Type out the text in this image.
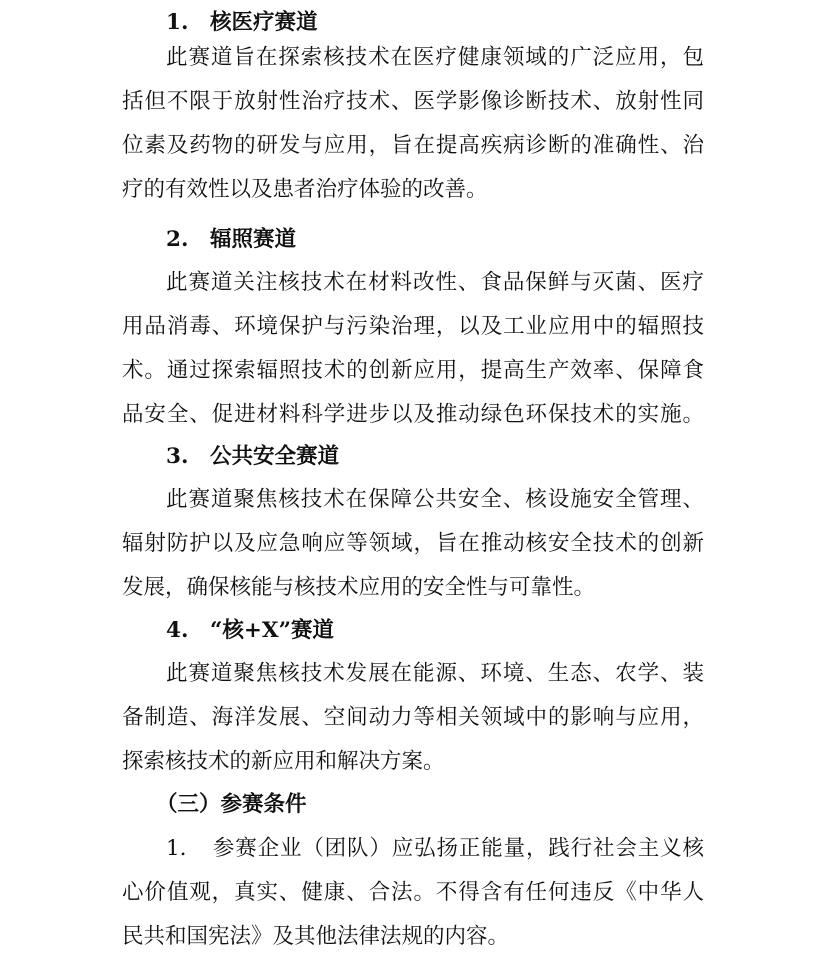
1. 核医疗赛道
此赛道旨在探索核技术在医疗健康领域的广泛应用，包
括但不限于放射性治疗技术、医学影像诊断技术、放射性同
位素及药物的研发与应用，旨在提高疾病诊断的准确性、治
疗的有效性以及患者治疗体验的改善。
2. 辐照赛道
此赛道关注核技术在材料改性、食品保鲜与灭菌、医疗
用品消毒、环境保护与污染治理，以及工业应用中的辐照技
术。通过探索辐照技术的创新应用，提高生产效率、保障食
品安全、促进材料科学进步以及推动绿色环保技术的实施。
3. 公共安全赛道
此赛道聚焦核技术在保障公共安全、核设施安全管理、
辐射防护以及应急响应等领域，旨在推动核安全技术的创新
发展，确保核能与核技术应用的安全性与可靠性。
4. “核+X”赛道
此赛道聚焦核技术发展在能源、环境、生态、农学、装
备制造、海洋发展、空间动力等相关领域中的影响与应用，
探索核技术的新应用和解决方案。
（三）参赛条件
1. 参赛企业（团队）应弘扬正能量，践行社会主义核
心价值观，真实、健康、合法。不得含有任何违反《中华人
民共和国宪法》及其他法律法规的内容。
